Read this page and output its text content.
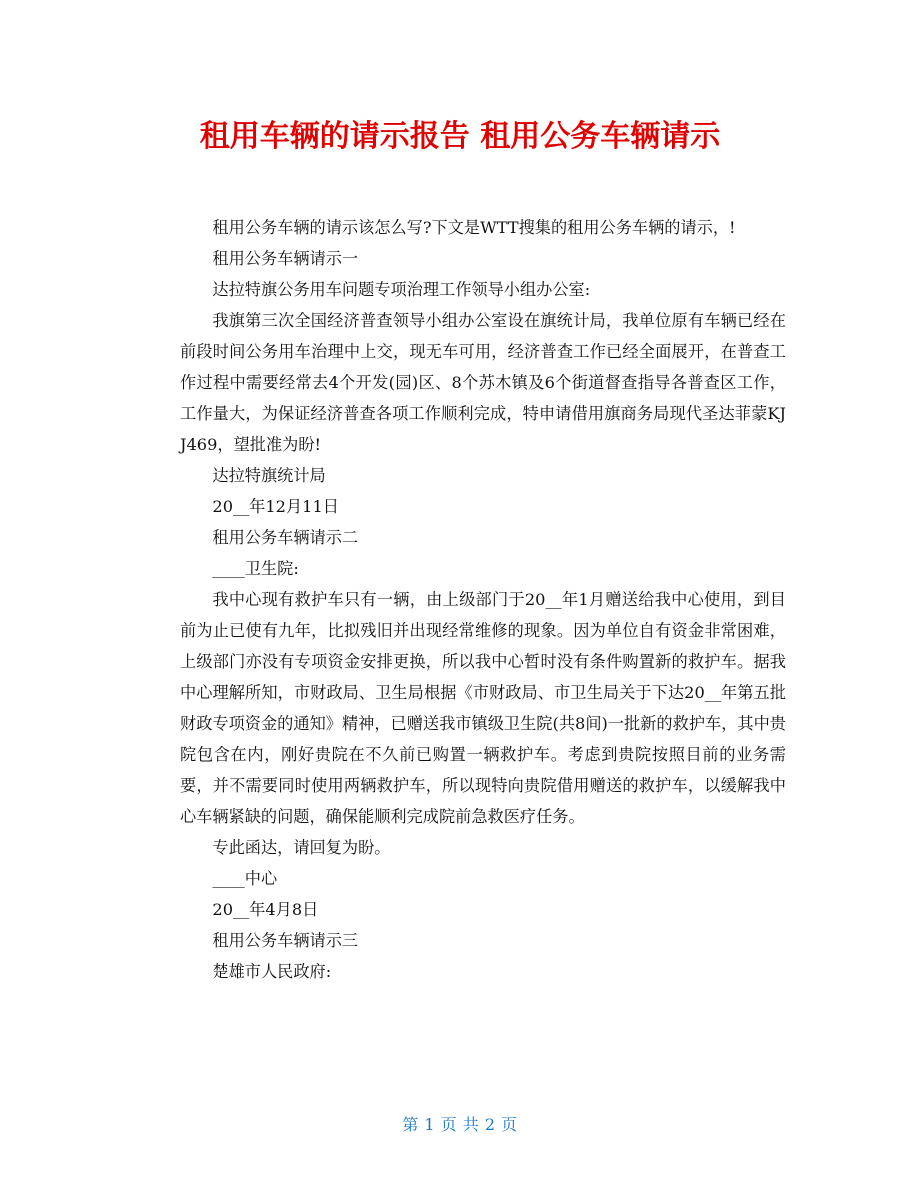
租用车辆的请示报告 租用公务车辆请示

租用公务车辆的请示该怎么写?下文是WTT搜集的租用公务车辆的请示，!

租用公务车辆请示一

达拉特旗公务用车问题专项治理工作领导小组办公室:

我旗第三次全国经济普查领导小组办公室设在旗统计局，我单位原有车辆已经在前段时间公务用车治理中上交，现无车可用，经济普查工作已经全面展开，在普查工作过程中需要经常去4个开发(园)区、8个苏木镇及6个街道督查指导各普查区工作，工作量大，为保证经济普查各项工作顺利完成，特申请借用旗商务局现代圣达菲蒙KJJ469，望批准为盼!

达拉特旗统计局

20__年12月11日

租用公务车辆请示二

____卫生院:

我中心现有救护车只有一辆，由上级部门于20__年1月赠送给我中心使用，到目前为止已使有九年，比拟残旧并出现经常维修的现象。因为单位自有资金非常困难，上级部门亦没有专项资金安排更换，所以我中心暂时没有条件购置新的救护车。据我中心理解所知，市财政局、卫生局根据《市财政局、市卫生局关于下达20__年第五批财政专项资金的通知》精神，已赠送我市镇级卫生院(共8间)一批新的救护车，其中贵院包含在内，刚好贵院在不久前已购置一辆救护车。考虑到贵院按照目前的业务需要，并不需要同时使用两辆救护车，所以现特向贵院借用赠送的救护车，以缓解我中心车辆紧缺的问题，确保能顺利完成院前急救医疗任务。

专此函达，请回复为盼。

____中心

20__年4月8日

租用公务车辆请示三

楚雄市人民政府:

第 1 页 共 2 页
